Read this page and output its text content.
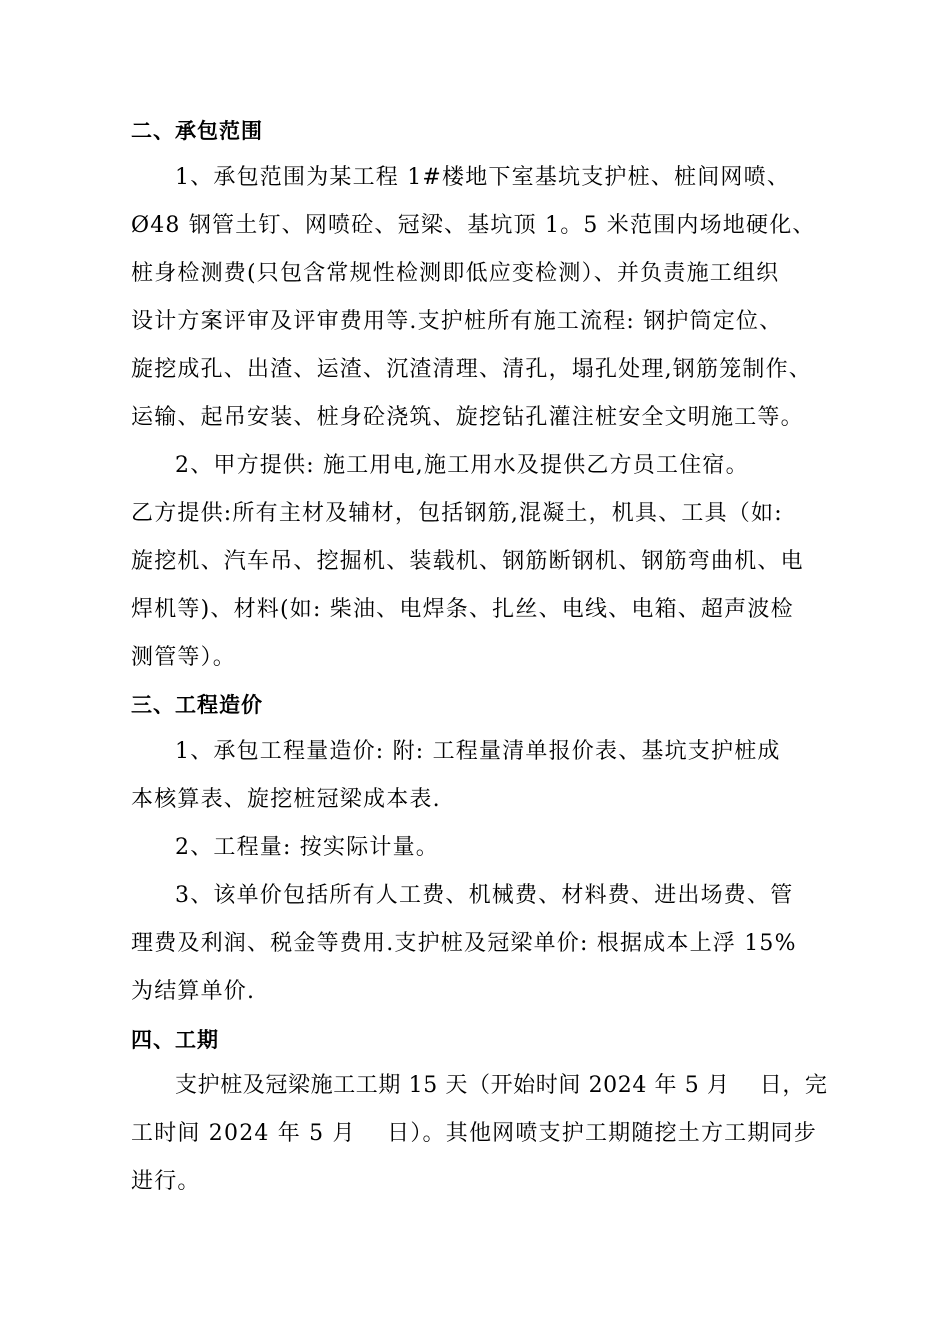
二、承包范围
1、承包范围为某工程 1#楼地下室基坑支护桩、桩间网喷、
Ø48 钢管土钉、网喷砼、冠梁、基坑顶 1。5 米范围内场地硬化、
桩身检测费(只包含常规性检测即低应变检测）、并负责施工组织
设计方案评审及评审费用等.支护桩所有施工流程: 钢护筒定位、
旋挖成孔、出渣、运渣、沉渣清理、清孔，塌孔处理,钢筋笼制作、
运输、起吊安装、桩身砼浇筑、旋挖钻孔灌注桩安全文明施工等。
2、甲方提供: 施工用电,施工用水及提供乙方员工住宿。
乙方提供:所有主材及辅材，包括钢筋,混凝土，机具、工具（如:
旋挖机、汽车吊、挖掘机、装载机、钢筋断钢机、钢筋弯曲机、电
焊机等)、材料(如: 柴油、电焊条、扎丝、电线、电箱、超声波检
测管等）。
三、工程造价
1、承包工程量造价: 附: 工程量清单报价表、基坑支护桩成
本核算表、旋挖桩冠梁成本表.
2、工程量: 按实际计量。
3、该单价包括所有人工费、机械费、材料费、进出场费、管
理费及利润、税金等费用.支护桩及冠梁单价: 根据成本上浮 15%
为结算单价.
四、工期
支护桩及冠梁施工工期 15 天（开始时间 2024 年 5 月　 日，完
工时间 2024 年 5 月　 日）。其他网喷支护工期随挖土方工期同步
进行。
